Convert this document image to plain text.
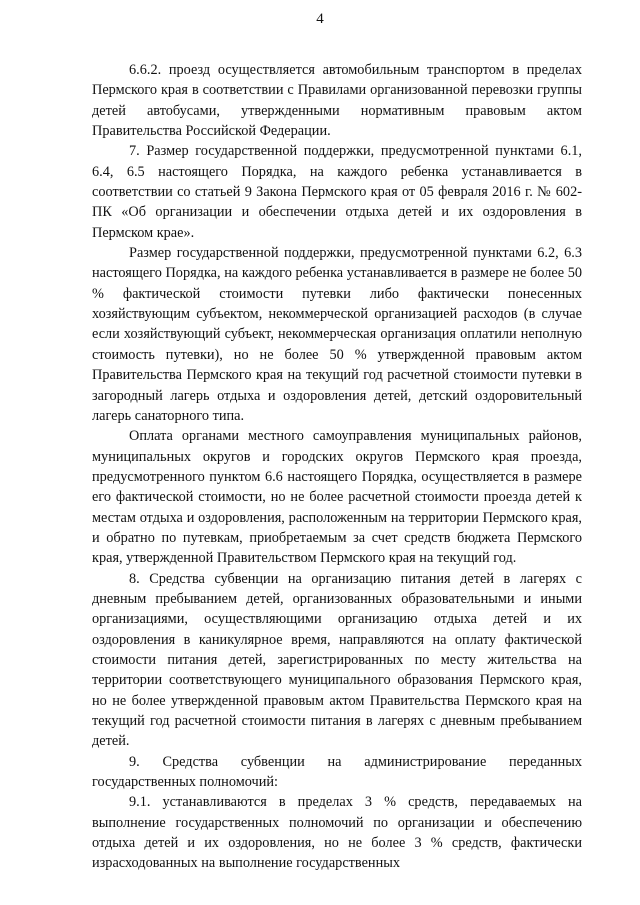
4

6.6.2. проезд осуществляется автомобильным транспортом в пределах Пермского края в соответствии с Правилами организованной перевозки группы детей автобусами, утвержденными нормативным правовым актом Правительства Российской Федерации.

7. Размер государственной поддержки, предусмотренной пунктами 6.1, 6.4, 6.5 настоящего Порядка, на каждого ребенка устанавливается в соответствии со статьей 9 Закона Пермского края от 05 февраля 2016 г. № 602-ПК «Об организации и обеспечении отдыха детей и их оздоровления в Пермском крае».

Размер государственной поддержки, предусмотренной пунктами 6.2, 6.3 настоящего Порядка, на каждого ребенка устанавливается в размере не более 50 % фактической стоимости путевки либо фактически понесенных хозяйствующим субъектом, некоммерческой организацией расходов (в случае если хозяйствующий субъект, некоммерческая организация оплатили неполную стоимость путевки), но не более 50 % утвержденной правовым актом Правительства Пермского края на текущий год расчетной стоимости путевки в загородный лагерь отдыха и оздоровления детей, детский оздоровительный лагерь санаторного типа.

Оплата органами местного самоуправления муниципальных районов, муниципальных округов и городских округов Пермского края проезда, предусмотренного пунктом 6.6 настоящего Порядка, осуществляется в размере его фактической стоимости, но не более расчетной стоимости проезда детей к местам отдыха и оздоровления, расположенным на территории Пермского края, и обратно по путевкам, приобретаемым за счет средств бюджета Пермского края, утвержденной Правительством Пермского края на текущий год.

8. Средства субвенции на организацию питания детей в лагерях с дневным пребыванием детей, организованных образовательными и иными организациями, осуществляющими организацию отдыха детей и их оздоровления в каникулярное время, направляются на оплату фактической стоимости питания детей, зарегистрированных по месту жительства на территории соответствующего муниципального образования Пермского края, но не более утвержденной правовым актом Правительства Пермского края на текущий год расчетной стоимости питания в лагерях с дневным пребыванием детей.

9. Средства субвенции на администрирование переданных государственных полномочий:

9.1. устанавливаются в пределах 3 % средств, передаваемых на выполнение государственных полномочий по организации и обеспечению отдыха детей и их оздоровления, но не более 3 % средств, фактически израсходованных на выполнение государственных
